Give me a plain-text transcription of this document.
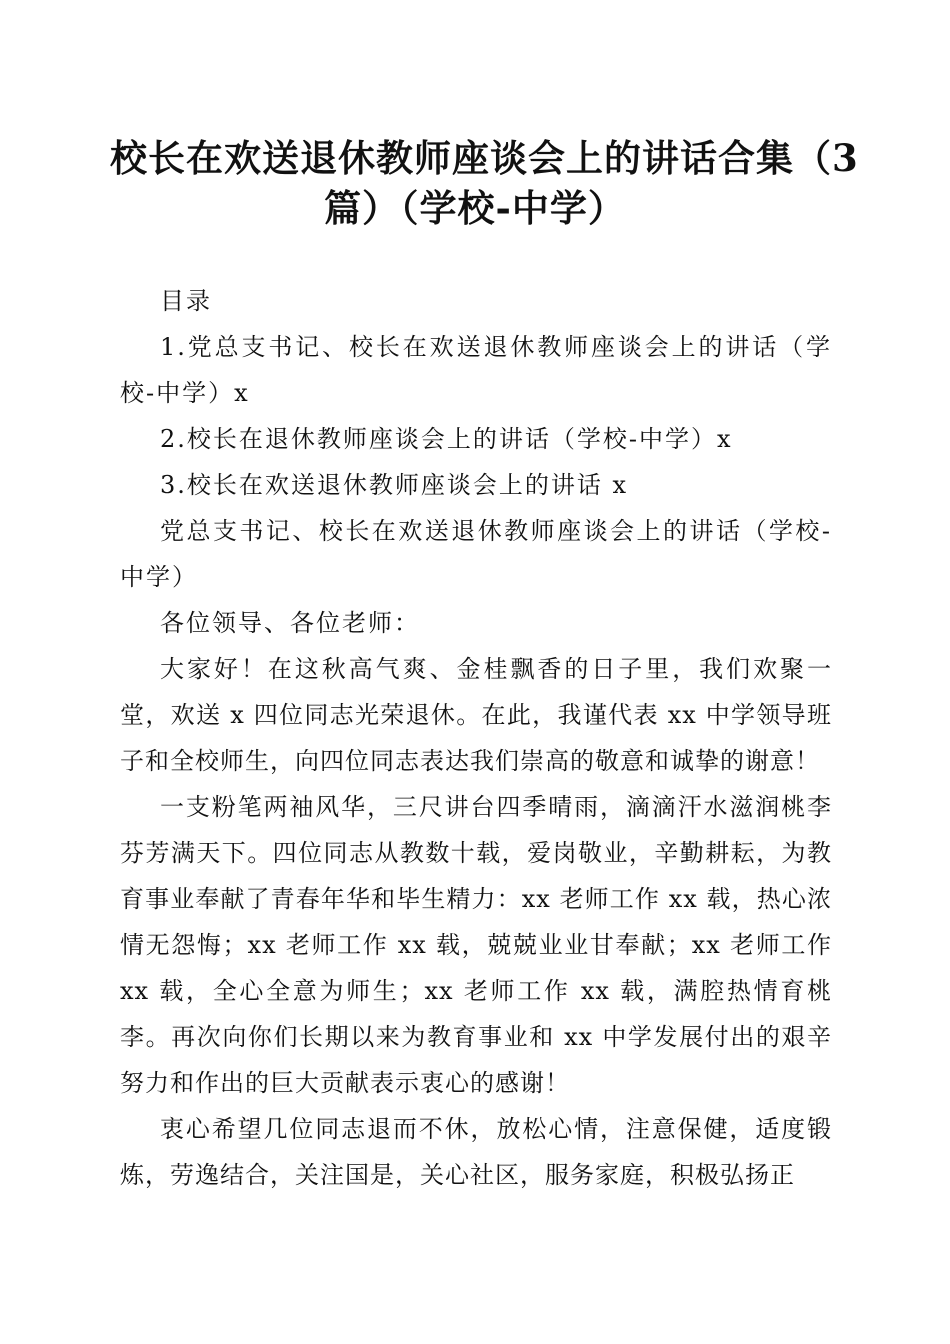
校长在欢送退休教师座谈会上的讲话合集（3
篇）（学校-中学）

目录

1.党总支书记、校长在欢送退休教师座谈会上的讲话（学校-中学）x

2.校长在退休教师座谈会上的讲话（学校-中学）x

3.校长在欢送退休教师座谈会上的讲话 x

党总支书记、校长在欢送退休教师座谈会上的讲话（学校-中学）

各位领导、各位老师：

大家好！在这秋高气爽、金桂飘香的日子里，我们欢聚一堂，欢送 x 四位同志光荣退休。在此，我谨代表 xx 中学领导班子和全校师生，向四位同志表达我们崇高的敬意和诚挚的谢意！

一支粉笔两袖风华，三尺讲台四季晴雨，滴滴汗水滋润桃李芬芳满天下。四位同志从教数十载，爱岗敬业，辛勤耕耘，为教育事业奉献了青春年华和毕生精力：xx 老师工作 xx 载，热心浓情无怨悔；xx 老师工作 xx 载，兢兢业业甘奉献；xx 老师工作 xx 载，全心全意为师生；xx 老师工作 xx 载，满腔热情育桃李。再次向你们长期以来为教育事业和 xx 中学发展付出的艰辛努力和作出的巨大贡献表示衷心的感谢！

衷心希望几位同志退而不休，放松心情，注意保健，适度锻炼，劳逸结合，关注国是，关心社区，服务家庭，积极弘扬正
